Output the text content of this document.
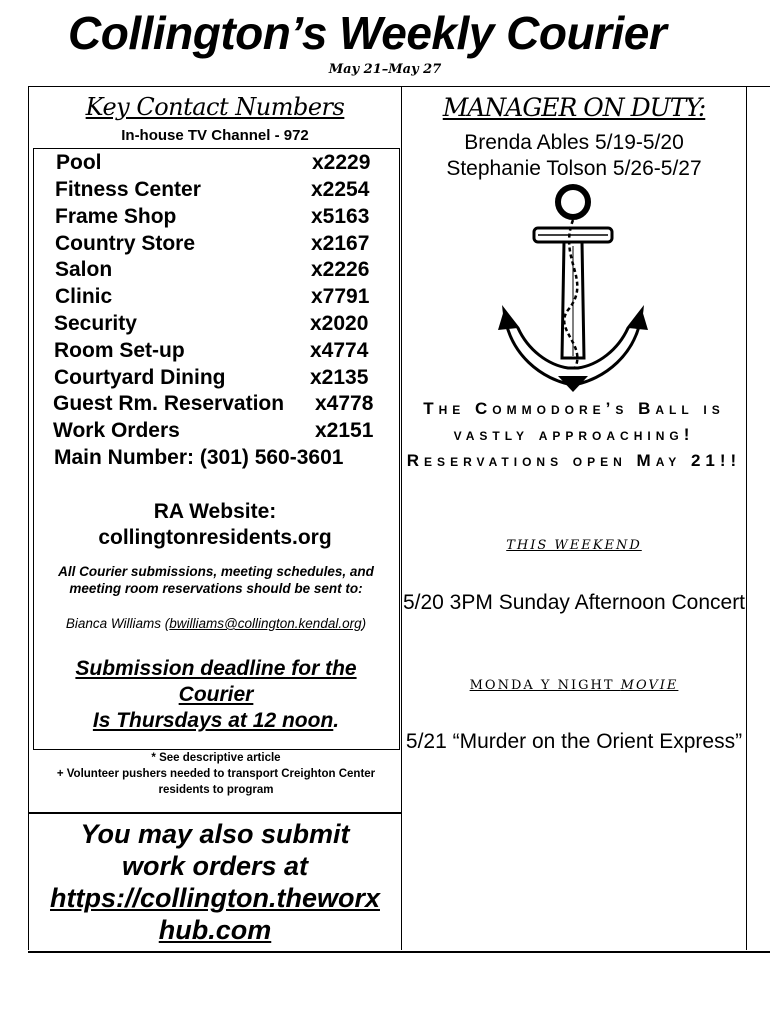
Collington’s Weekly Courier
May 21–May 27
Key Contact Numbers
In-house TV Channel - 972
Pool	x2229
Fitness Center	x2254
Frame Shop	x5163
Country Store	x2167
Salon	x2226
Clinic	x7791
Security	x2020
Room Set-up	x4774
Courtyard Dining	x2135
Guest Rm. Reservation x4778
Work Orders	x2151
Main Number: (301) 560-3601
RA Website:
collingtonresidents.org
All Courier submissions, meeting schedules, and meeting room reservations should be sent to:
Bianca Williams (bwilliams@collington.kendal.org)
Submission deadline for the Courier
Is Thursdays at 12 noon.
* See descriptive article
+ Volunteer pushers needed to transport Creighton Center residents to program
You may also submit work orders at
https://collington.theworxhub.com
MANAGER ON DUTY:
Brenda Ables 5/19-5/20
Stephanie Tolson 5/26-5/27
The Commodore’s Ball is vastly approaching! Reservations open May 21!!
THIS WEEKEND
5/20 3PM Sunday Afternoon Concert
MONDA Y NIGHT MOVIE
5/21 “Murder on the Orient Express”
